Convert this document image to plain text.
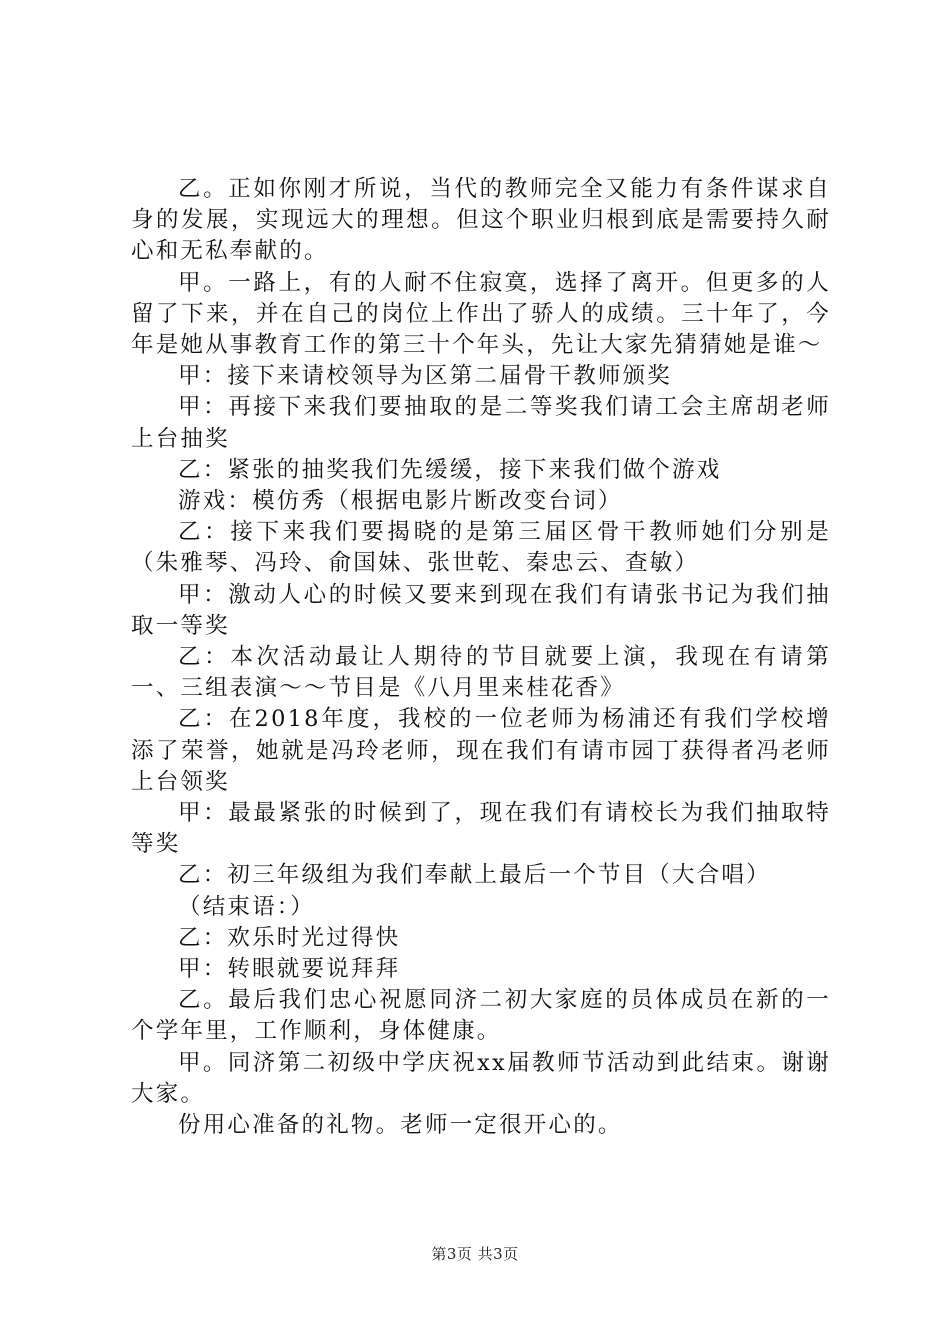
乙。正如你刚才所说，当代的教师完全又能力有条件谋求自身的发展，实现远大的理想。但这个职业归根到底是需要持久耐心和无私奉献的。

甲。一路上，有的人耐不住寂寞，选择了离开。但更多的人留了下来，并在自己的岗位上作出了骄人的成绩。三十年了，今年是她从事教育工作的第三十个年头，先让大家先猜猜她是谁～

甲：接下来请校领导为区第二届骨干教师颁奖

甲：再接下来我们要抽取的是二等奖我们请工会主席胡老师上台抽奖

乙：紧张的抽奖我们先缓缓，接下来我们做个游戏

游戏：模仿秀（根据电影片断改变台词）

乙：接下来我们要揭晓的是第三届区骨干教师她们分别是（朱雅琴、冯玲、俞国妹、张世乾、秦忠云、查敏）

甲：激动人心的时候又要来到现在我们有请张书记为我们抽取一等奖

乙：本次活动最让人期待的节目就要上演，我现在有请第一、三组表演～～节目是《八月里来桂花香》

乙：在2018年度，我校的一位老师为杨浦还有我们学校增添了荣誉，她就是冯玲老师，现在我们有请市园丁获得者冯老师上台领奖

甲：最最紧张的时候到了，现在我们有请校长为我们抽取特等奖

乙：初三年级组为我们奉献上最后一个节目（大合唱）

（结束语：）

乙：欢乐时光过得快

甲：转眼就要说拜拜

乙。最后我们忠心祝愿同济二初大家庭的员体成员在新的一个学年里，工作顺利，身体健康。

甲。同济第二初级中学庆祝xx届教师节活动到此结束。谢谢大家。

份用心准备的礼物。老师一定很开心的。

第3页 共3页
